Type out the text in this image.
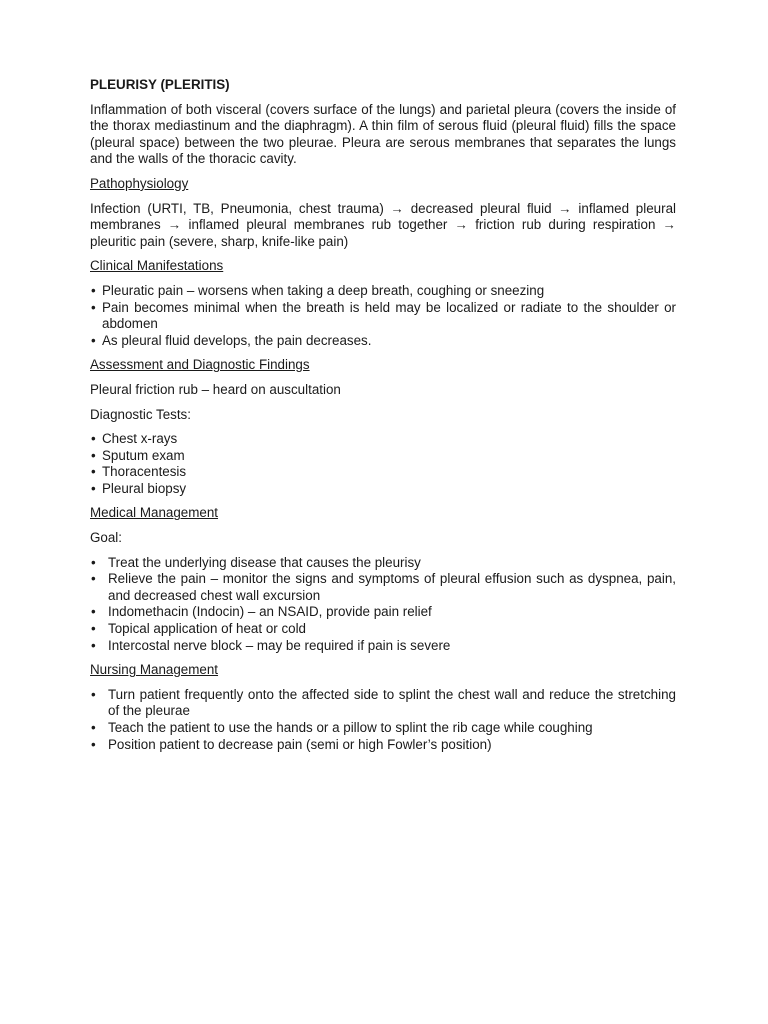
PLEURISY (PLERITIS)

Inflammation of both visceral (covers surface of the lungs) and parietal pleura (covers the inside of the thorax mediastinum and the diaphragm). A thin film of serous fluid (pleural fluid) fills the space (pleural space) between the two pleurae. Pleura are serous membranes that separates the lungs and the walls of the thoracic cavity.

Pathophysiology

Infection (URTI, TB, Pneumonia, chest trauma) → decreased pleural fluid → inflamed pleural membranes → inflamed pleural membranes rub together → friction rub during respiration → pleuritic pain (severe, sharp, knife-like pain)

Clinical Manifestations
• Pleuratic pain – worsens when taking a deep breath, coughing or sneezing
• Pain becomes minimal when the breath is held may be localized or radiate to the shoulder or abdomen
• As pleural fluid develops, the pain decreases.
Assessment and Diagnostic Findings

Pleural friction rub – heard on auscultation

Diagnostic Tests:

• Chest x-rays
• Sputum exam
• Thoracentesis
• Pleural biopsy
Medical Management

Goal:

• Treat the underlying disease that causes the pleurisy
• Relieve the pain – monitor the signs and symptoms of pleural effusion such as dyspnea, pain, and decreased chest wall excursion
• Indomethacin (Indocin) – an NSAID, provide pain relief
• Topical application of heat or cold
• Intercostal nerve block – may be required if pain is severe
Nursing Management
• Turn patient frequently onto the affected side to splint the chest wall and reduce the stretching of the pleurae
• Teach the patient to use the hands or a pillow to splint the rib cage while coughing
• Position patient to decrease pain (semi or high Fowler’s position)
